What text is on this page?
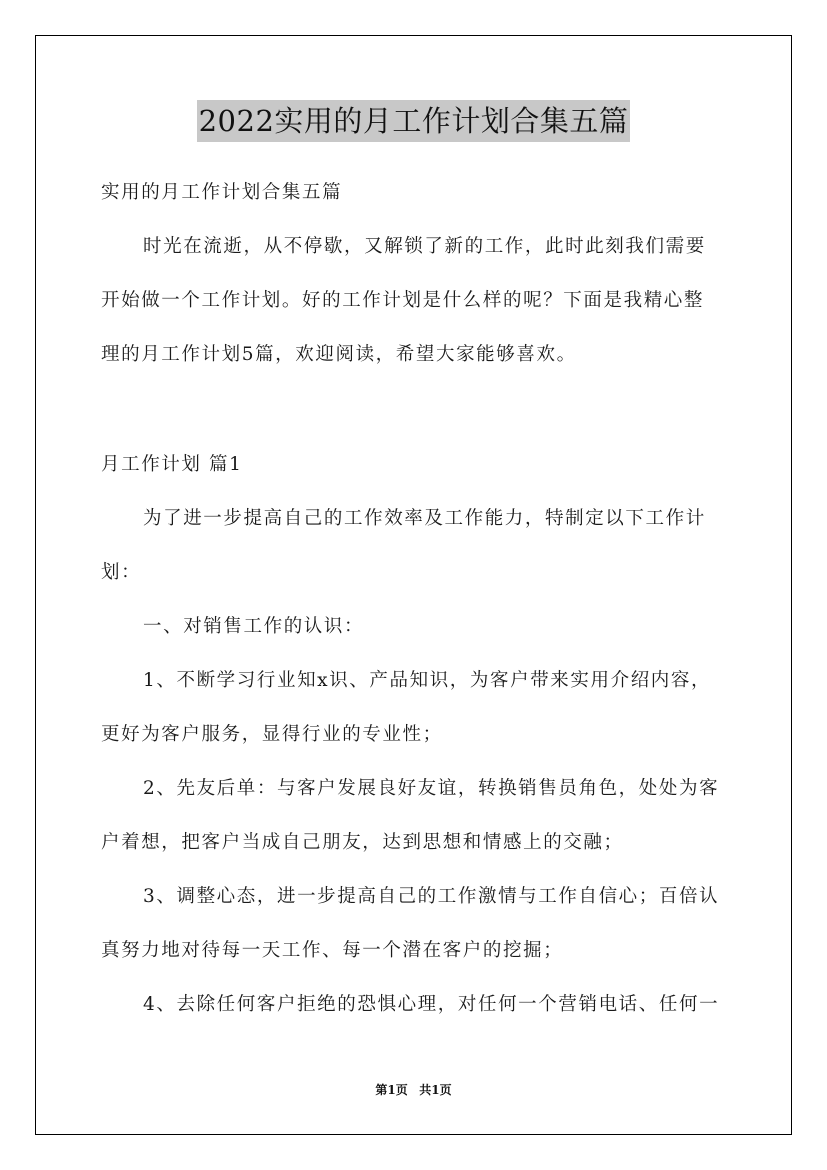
2022实用的月工作计划合集五篇
实用的月工作计划合集五篇
时光在流逝，从不停歇，又解锁了新的工作，此时此刻我们需要
开始做一个工作计划。好的工作计划是什么样的呢？下面是我精心整
理的月工作计划5篇，欢迎阅读，希望大家能够喜欢。
月工作计划 篇1
为了进一步提高自己的工作效率及工作能力，特制定以下工作计
划：
一、对销售工作的认识：
1、不断学习行业知x识、产品知识，为客户带来实用介绍内容，
更好为客户服务，显得行业的专业性；
2、先友后单：与客户发展良好友谊，转换销售员角色，处处为客
户着想，把客户当成自己朋友，达到思想和情感上的交融；
3、调整心态，进一步提高自己的工作激情与工作自信心；百倍认
真努力地对待每一天工作、每一个潜在客户的挖掘；
4、去除任何客户拒绝的恐惧心理，对任何一个营销电话、任何一
第1页 共1页
